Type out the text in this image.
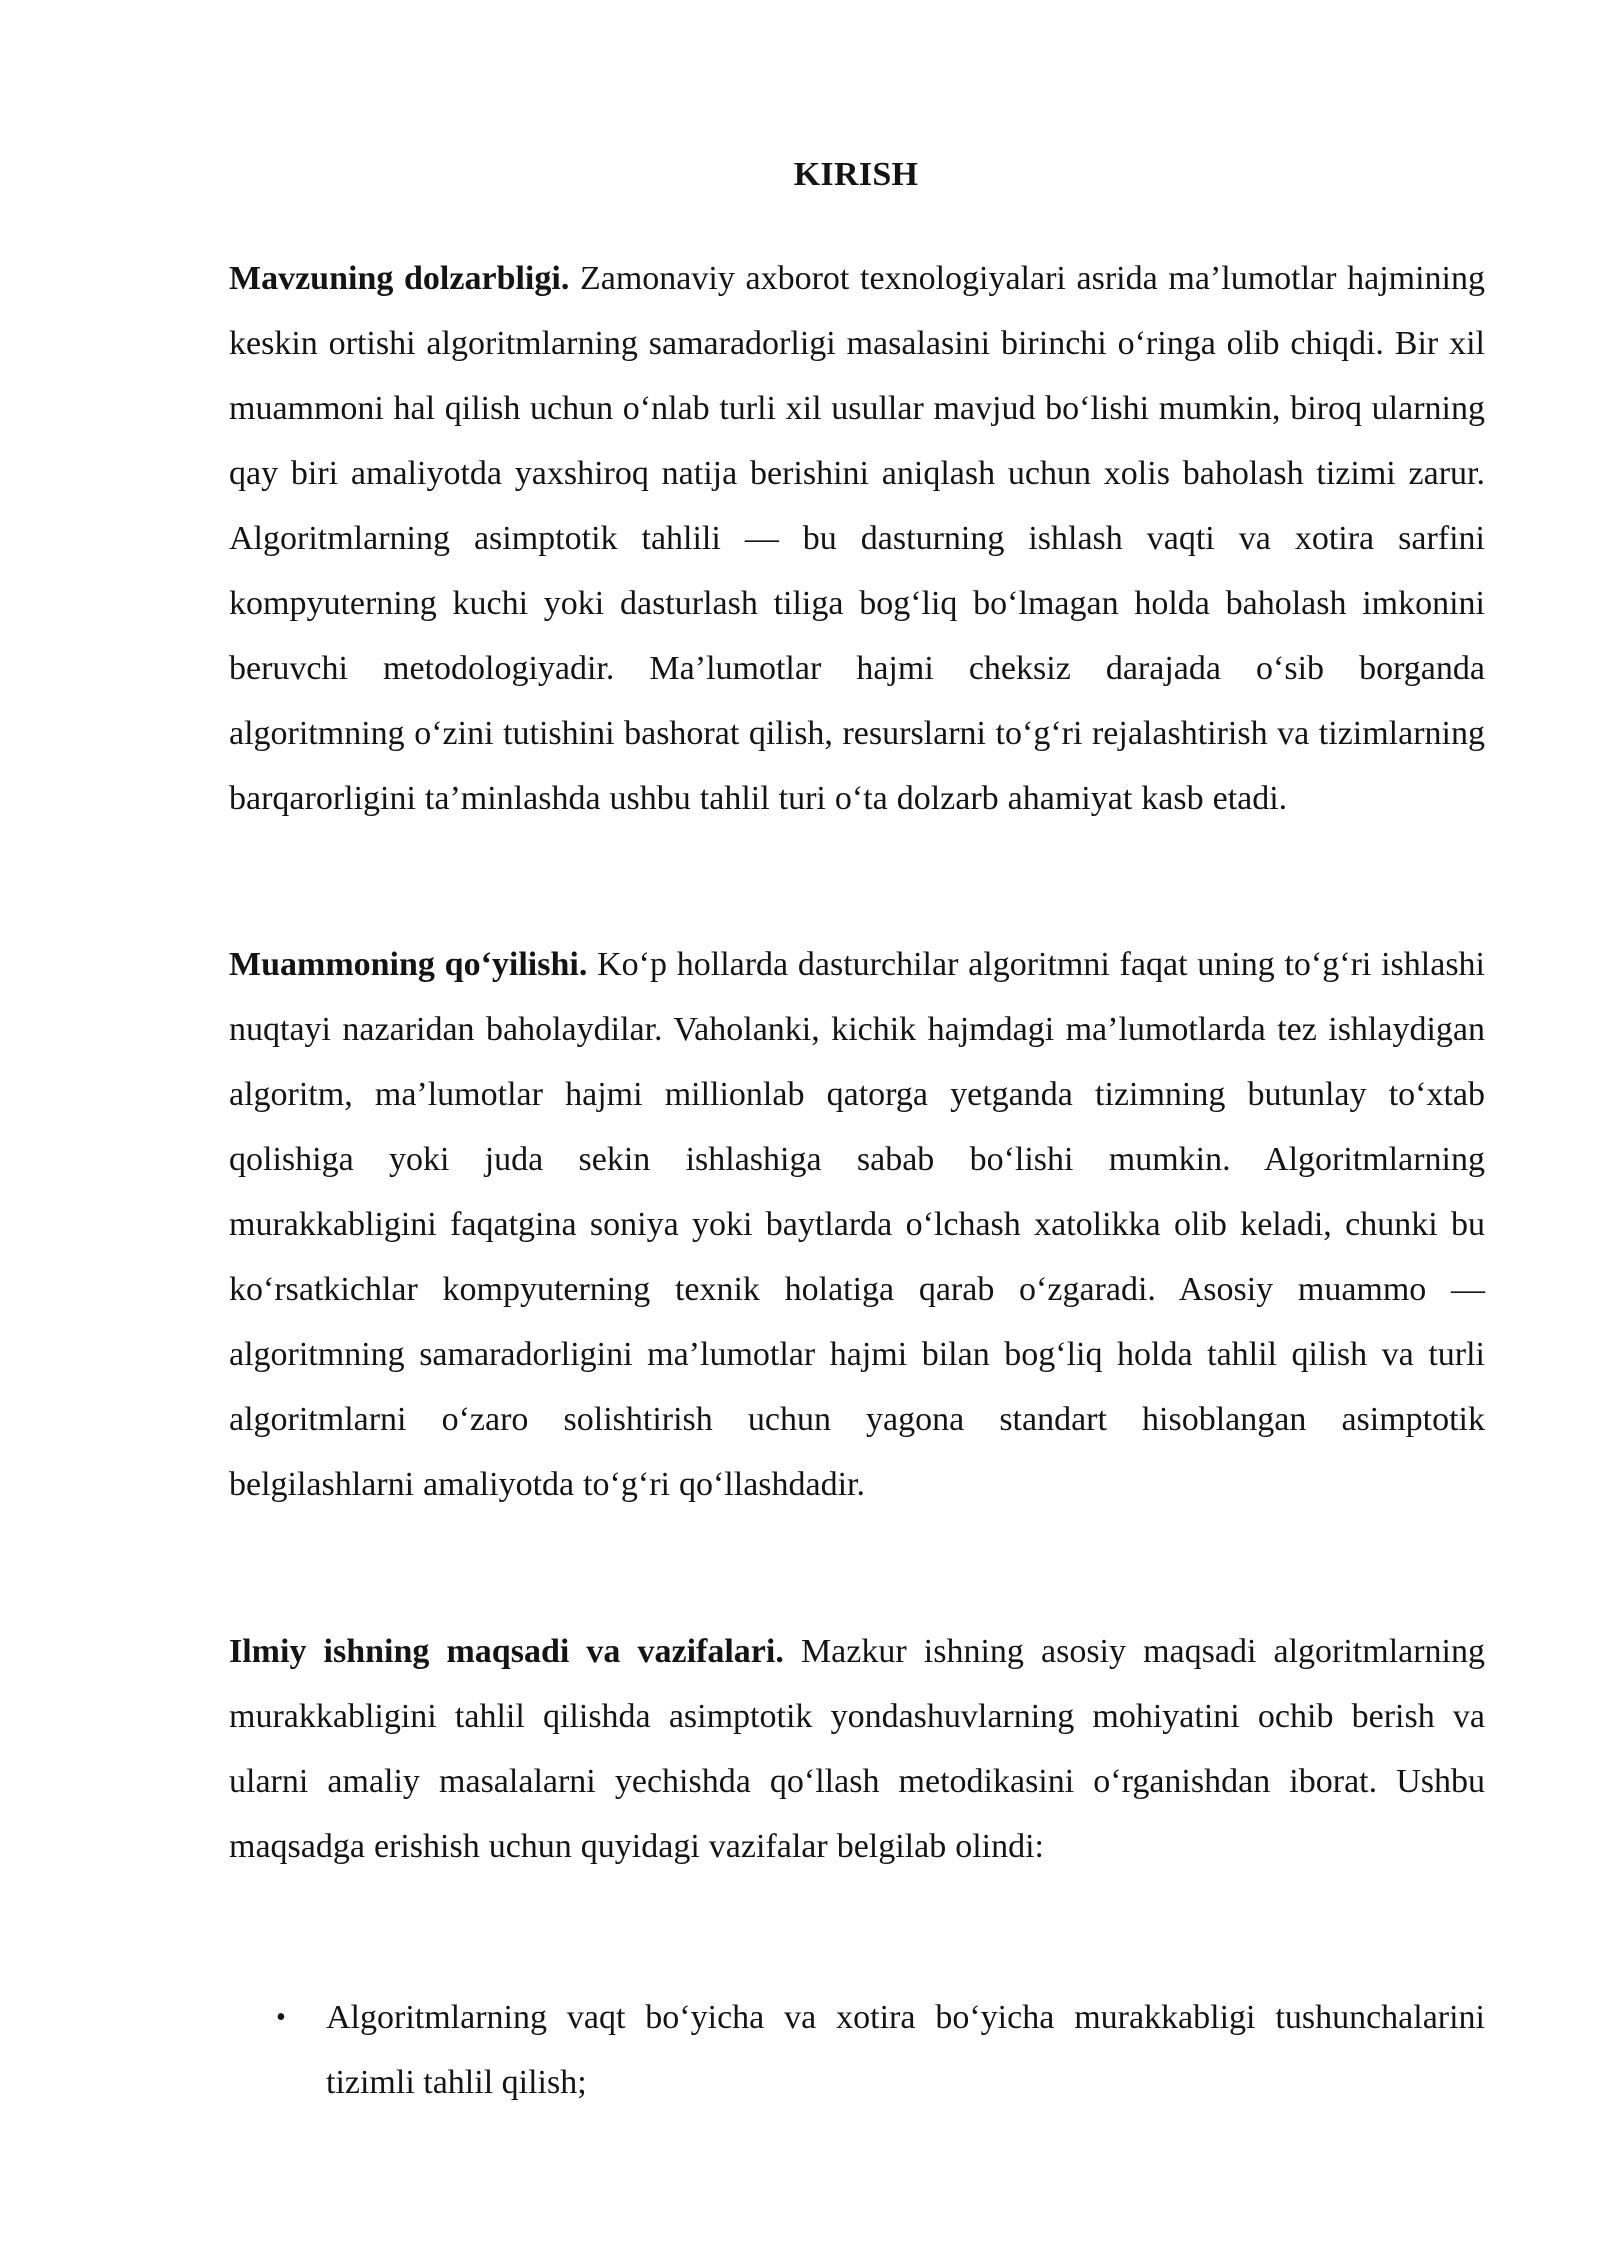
KIRISH

Mavzuning dolzarbligi. Zamonaviy axborot texnologiyalari asrida ma’lumotlar hajmining keskin ortishi algoritmlarning samaradorligi masalasini birinchi o‘ringa olib chiqdi. Bir xil muammoni hal qilish uchun o‘nlab turli xil usullar mavjud bo‘lishi mumkin, biroq ularning qay biri amaliyotda yaxshiroq natija berishini aniqlash uchun xolis baholash tizimi zarur. Algoritmlarning asimptotik tahlili — bu dasturning ishlash vaqti va xotira sarfini kompyuterning kuchi yoki dasturlash tiliga bog‘liq bo‘lmagan holda baholash imkonini beruvchi metodologiyadir. Ma’lumotlar hajmi cheksiz darajada o‘sib borganda algoritmning o‘zini tutishini bashorat qilish, resurslarni to‘g‘ri rejalashtirish va tizimlarning barqarorligini ta’minlashda ushbu tahlil turi o‘ta dolzarb ahamiyat kasb etadi.

Muammoning qo‘yilishi. Ko‘p hollarda dasturchilar algoritmni faqat uning to‘g‘ri ishlashi nuqtayi nazaridan baholaydilar. Vaholanki, kichik hajmdagi ma’lumotlarda tez ishlaydigan algoritm, ma’lumotlar hajmi millionlab qatorga yetganda tizimning butunlay to‘xtab qolishiga yoki juda sekin ishlashiga sabab bo‘lishi mumkin. Algoritmlarning murakkabligini faqatgina soniya yoki baytlarda o‘lchash xatolikka olib keladi, chunki bu ko‘rsatkichlar kompyuterning texnik holatiga qarab o‘zgaradi. Asosiy muammo — algoritmning samaradorligini ma’lumotlar hajmi bilan bog‘liq holda tahlil qilish va turli algoritmlarni o‘zaro solishtirish uchun yagona standart hisoblangan asimptotik belgilashlarni amaliyotda to‘g‘ri qo‘llashdadir.

Ilmiy ishning maqsadi va vazifalari. Mazkur ishning asosiy maqsadi algoritmlarning murakkabligini tahlil qilishda asimptotik yondashuvlarning mohiyatini ochib berish va ularni amaliy masalalarni yechishda qo‘llash metodikasini o‘rganishdan iborat. Ushbu maqsadga erishish uchun quyidagi vazifalar belgilab olindi:

• Algoritmlarning vaqt bo‘yicha va xotira bo‘yicha murakkabligi tushunchalarini tizimli tahlil qilish;
